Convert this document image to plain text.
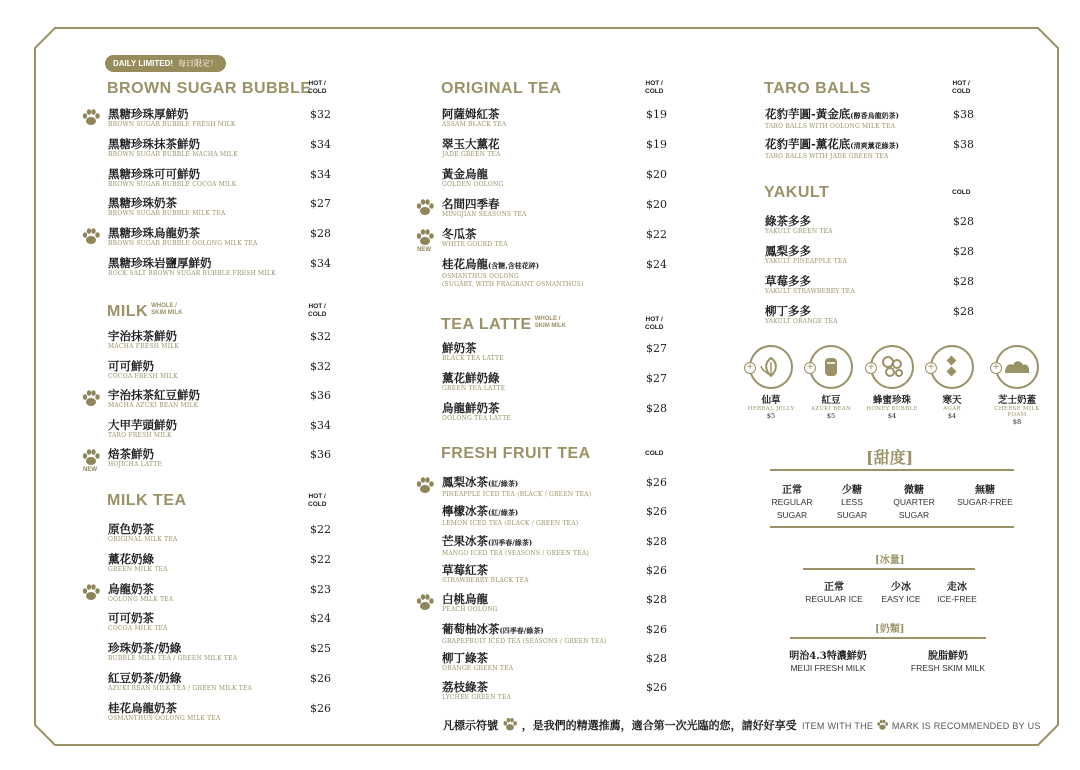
DAILY LIMITED! 每日限定！
BROWN SUGAR BUBBLE
HOT /
COLD
黑糖珍珠厚鮮奶
BROWN SUGAR BUBBLE FRESH MILK
$32
黑糖珍珠抹茶鮮奶
BROWN SUGAR BUBBLE MACHA MILK
$34
黑糖珍珠可可鮮奶
BROWN SUGAR BUBBLE COCOA MILK
$34
黑糖珍珠奶茶
BROWN SUGAR BUBBLE MILK TEA
$27
黑糖珍珠烏龍奶茶
BROWN SUGAR BUBBLE OOLONG MILK TEA
$28
黑糖珍珠岩鹽厚鮮奶
ROCK SALT BROWN SUGAR BUBBLE FRESH MILK
$34
MILK WHOLE /
SKIM MILK
HOT /
COLD
宇治抹茶鮮奶
MACHA FRESH MILK
$32
可可鮮奶
COCOA FRESH MILK
$32
宇治抹茶紅豆鮮奶
MACHA AZUKI BEAN MILK
$36
大甲芋頭鮮奶
TARO FRESH MILK
$34
焙茶鮮奶
HOJICHA LATTE
$36
NEW
MILK TEA	HOT /
COLD
原色奶茶
ORIGINAL MILK TEA
$22
薰花奶綠
GREEN MILK TEA
$22
烏龍奶茶
OOLONG MILK TEA
$23
可可奶茶
COCOA MILK TEA
$24
珍珠奶茶/奶綠
BUBBLE MILK TEA / GREEN MILK TEA
$25
紅豆奶茶/奶綠
AZUKI BEAN MILK TEA / GREEN MILK TEA
$26
桂花烏龍奶茶
OSMANTHUS OOLONG MILK TEA
$26
ORIGINAL TEA	HOT /
COLD
阿薩姆紅茶
ASSAM BLACK TEA
$19
翠玉大薰花
JADE GREEN TEA
$19
黃金烏龍
GOLDEN OOLONG
$20
名間四季春
MINGJIAN SEASONS TEA
$20
冬瓜茶
WHITE GOURD TEA
$22
NEW
桂花烏龍(含糖,含桂花碎)
OSMANTHUS OOLONG
(SUGARY, WITH FRAGRANT OSMANTHUS)
$24
TEA LATTE WHOLE /
SKIM MILK
HOT /
COLD
鮮奶茶
BLACK TEA LATTE
$27
薰花鮮奶綠
GREEN TEA LATTE
$27
烏龍鮮奶茶
OOLONG TEA LATTE
$28
FRESH FRUIT TEA	COLD
鳳梨冰茶(紅/綠茶)
PINEAPPLE ICED TEA (BLACK / GREEN TEA)
$26
檸檬冰茶(紅/綠茶)
LEMON ICED TEA (BLACK / GREEN TEA)
$26
芒果冰茶(四季春/綠茶)
MANGO ICED TEA (SEASONS / GREEN TEA)
$28
草莓紅茶
STRAWBERRY BLACK TEA
$26
白桃烏龍
PEACH OOLONG
$28
葡萄柚冰茶(四季春/綠茶)
GRAPEFRUIT ICED TEA (SEASONS / GREEN TEA)
$26
柳丁綠茶
ORANGE GREEN TEA
$28
荔枝綠茶
LYCHEE GREEN TEA
$26
TARO BALLS	HOT /
COLD
花豹芋圓-黃金底(醇香烏龍奶茶)
TARO BALLS WITH OOLONG MILK TEA
$38
花豹芋圓-薰花底(清爽薰花綠茶)
TARO BALLS WITH JADE GREEN TEA
$38
YAKULT	COLD
綠茶多多
YAKULT GREEN TEA
$28
鳳梨多多
YAKULT PINEAPPLE TEA
$28
草莓多多
YAKULT STRAWBERRY TEA
$28
柳丁多多
YAKULT ORANGE TEA
$28
仙草
HERBAL JELLY
$5
+
紅豆
AZUKI BEAN
$5
+
蜂蜜珍珠
HONEY BUBBLE
$4
+
寒天
AGAR
$4
+
芝士奶蓋
CHEESE MILK FOAM
$8
+
[甜度]
正常
REGULAR
SUGAR
少糖
LESS
SUGAR
微糖
QUARTER
SUGAR
無糖
SUGAR-FREE
[冰量]
正常
REGULAR ICE
少冰
EASY ICE
走冰
ICE-FREE
[奶類]
明治4.3特濃鮮奶
MEIJI FRESH MILK
脫脂鮮奶
FRESH SKIM MILK
凡標示符號 ，是我們的精選推薦，適合第一次光臨的您，請好好享受 ITEM WITH THE MARK IS RECOMMENDED BY US
